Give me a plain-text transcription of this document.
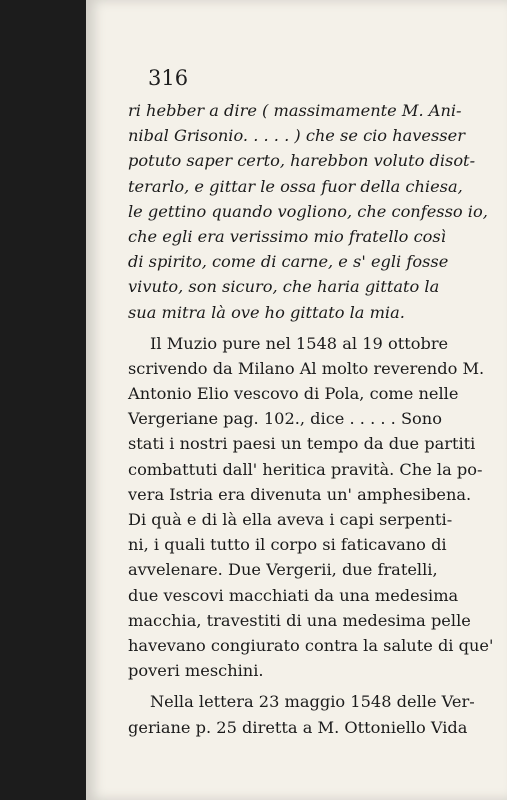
316
ri hebber a dire ( massimamente M. Ani-
nibal Grisonio. . . . . ) che se cio havesser
potuto saper certo, harebbon voluto disot-
terarlo, e gittar le ossa fuor della chiesa,
le gettino quando vogliono, che confesso io,
che egli era verissimo mio fratello così
di spirito, come di carne, e s' egli fosse
vivuto, son sicuro, che haria gittato la
sua mitra là ove ho gittato la mia.
Il Muzio pure nel 1548 al 19 ottobre
scrivendo da Milano Al molto reverendo M.
Antonio Elio vescovo di Pola, come nelle
Vergeriane pag. 102., dice . . . . . Sono
stati i nostri paesi un tempo da due partiti
combattuti dall' heritica pravità. Che la po-
vera Istria era divenuta un' amphesibena.
Di quà e di là ella aveva i capi serpenti-
ni, i quali tutto il corpo si faticavano di
avvelenare. Due Vergerii, due fratelli,
due vescovi macchiati da una medesima
macchia, travestiti di una medesima pelle
havevano congiurato contra la salute di que'
poveri meschini.
Nella lettera 23 maggio 1548 delle Ver-
geriane p. 25 diretta a M. Ottoniello Vida
